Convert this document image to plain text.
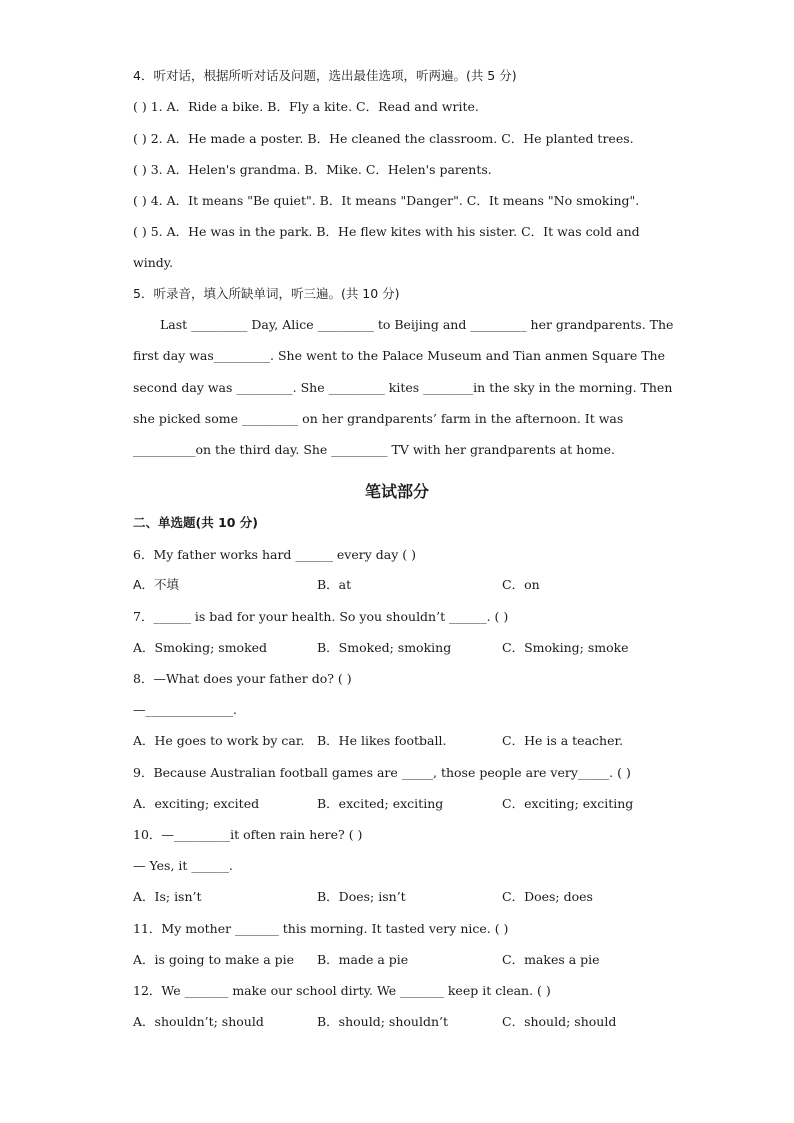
4．听对话，根据所听对话及问题，选出最佳选项，听两遍。(共 5 分)
( ) 1. A．Ride a bike. B．Fly a kite. C．Read and write.
( ) 2. A．He made a poster. B．He cleaned the classroom. C．He planted trees.
( ) 3. A．Helen's grandma. B．Mike. C．Helen's parents.
( ) 4. A．It means "Be quiet". B．It means "Danger". C．It means "No smoking".
( ) 5. A．He was in the park. B．He flew kites with his sister. C．It was cold and
windy.
5．听录音，填入所缺单词，听三遍。(共 10 分)
Last _________ Day, Alice _________ to Beijing and _________ her grandparents. The
first day was_________. She went to the Palace Museum and Tian anmen Square The
second day was _________. She _________ kites ________in the sky in the morning. Then
she picked some _________ on her grandparents’ farm in the afternoon. It was
__________on the third day. She _________ TV with her grandparents at home.
笔试部分
二、单选题(共 10 分)
6．My father works hard ______ every day ( )
A．不填	B．at	C．on
7．______ is bad for your health. So you shouldn’t ______. ( )
A．Smoking; smoked	B．Smoked; smoking	C．Smoking; smoke
8．—What does your father do? ( )
—______________.
A．He goes to work by car. B．He likes football.	C．He is a teacher.
9．Because Australian football games are _____, those people are very_____. ( )
A．exciting; excited	B．excited; exciting	C．exciting; exciting
10．—_________it often rain here? ( )
— Yes, it ______.
A．Is; isn’t	B．Does; isn’t	C．Does; does
11．My mother _______ this morning. It tasted very nice. ( )
A．is going to make a pie B．made a pie	C．makes a pie
12．We _______ make our school dirty. We _______ keep it clean. ( )
A．shouldn’t; should	B．should; shouldn’t	C．should; should
